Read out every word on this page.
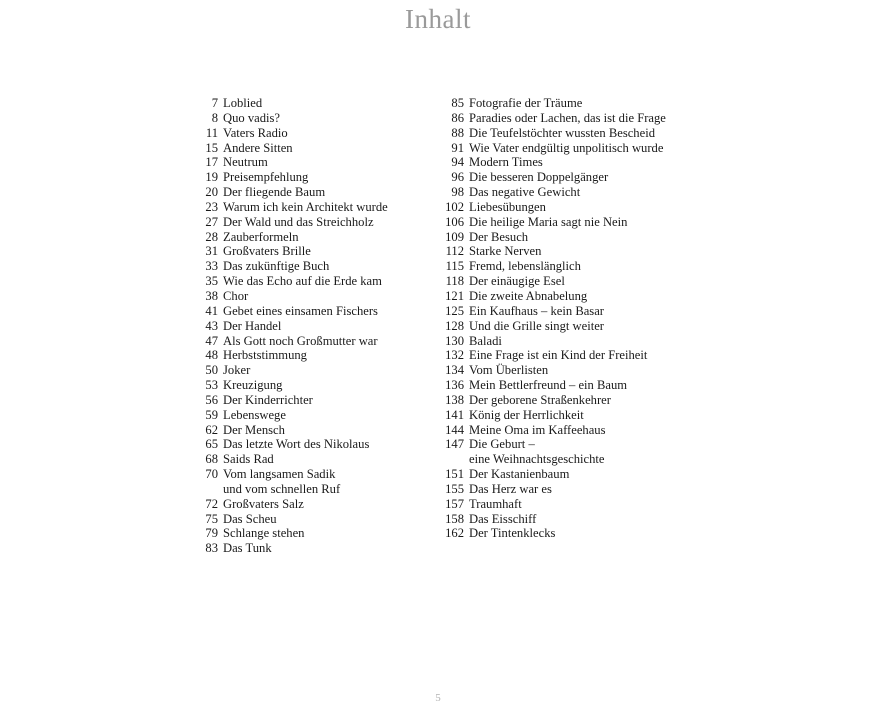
Inhalt
7 Loblied
8 Quo vadis?
11 Vaters Radio
15 Andere Sitten
17 Neutrum
19 Preisempfehlung
20 Der fliegende Baum
23 Warum ich kein Architekt wurde
27 Der Wald und das Streichholz
28 Zauberformeln
31 Großvaters Brille
33 Das zukünftige Buch
35 Wie das Echo auf die Erde kam
38 Chor
41 Gebet eines einsamen Fischers
43 Der Handel
47 Als Gott noch Großmutter war
48 Herbststimmung
50 Joker
53 Kreuzigung
56 Der Kinderrichter
59 Lebenswege
62 Der Mensch
65 Das letzte Wort des Nikolaus
68 Saids Rad
70 Vom langsamen Sadik
und vom schnellen Ruf
72 Großvaters Salz
75 Das Scheu
79 Schlange stehen
83 Das Tunk
85 Fotografie der Träume
86 Paradies oder Lachen, das ist die Frage
88 Die Teufelstöchter wussten Bescheid
91 Wie Vater endgültig unpolitisch wurde
94 Modern Times
96 Die besseren Doppelgänger
98 Das negative Gewicht
102 Liebesübungen
106 Die heilige Maria sagt nie Nein
109 Der Besuch
112 Starke Nerven
115 Fremd, lebenslänglich
118 Der einäugige Esel
121 Die zweite Abnabelung
125 Ein Kaufhaus – kein Basar
128 Und die Grille singt weiter
130 Baladi
132 Eine Frage ist ein Kind der Freiheit
134 Vom Überlisten
136 Mein Bettlerfreund – ein Baum
138 Der geborene Straßenkehrer
141 König der Herrlichkeit
144 Meine Oma im Kaffeehaus
147 Die Geburt –
eine Weihnachtsgeschichte
151 Der Kastanienbaum
155 Das Herz war es
157 Traumhaft
158 Das Eisschiff
162 Der Tintenklecks
5
